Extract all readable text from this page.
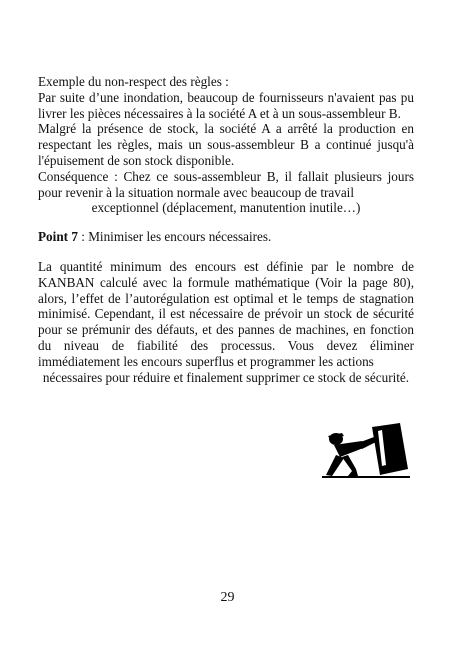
Exemple du non-respect des règles :

Par suite d’une inondation, beaucoup de fournisseurs n'avaient pas pu livrer les pièces nécessaires à la société A et à un sous-assembleur B.

Malgré la présence de stock, la société A a arrêté la production en respectant les règles, mais un sous-assembleur B a continué jusqu'à l'épuisement de son stock disponible.

Conséquence : Chez ce sous-assembleur B, il fallait plusieurs jours pour revenir à la situation normale avec beaucoup de travail

exceptionnel (déplacement, manutention inutile…)

Point 7 : Minimiser les encours nécessaires.

La quantité minimum des encours est définie par le nombre de KANBAN calculé avec la formule mathématique (Voir la page 80), alors, l’effet de l’autorégulation est optimal et le temps de stagnation minimisé. Cependant, il est nécessaire de prévoir un stock de sécurité pour se prémunir des défauts, et des pannes de machines, en fonction du niveau de fiabilité des processus. Vous devez éliminer immédiatement les encours superflus et programmer les actions

nécessaires pour réduire et finalement supprimer ce stock de sécurité.

29
